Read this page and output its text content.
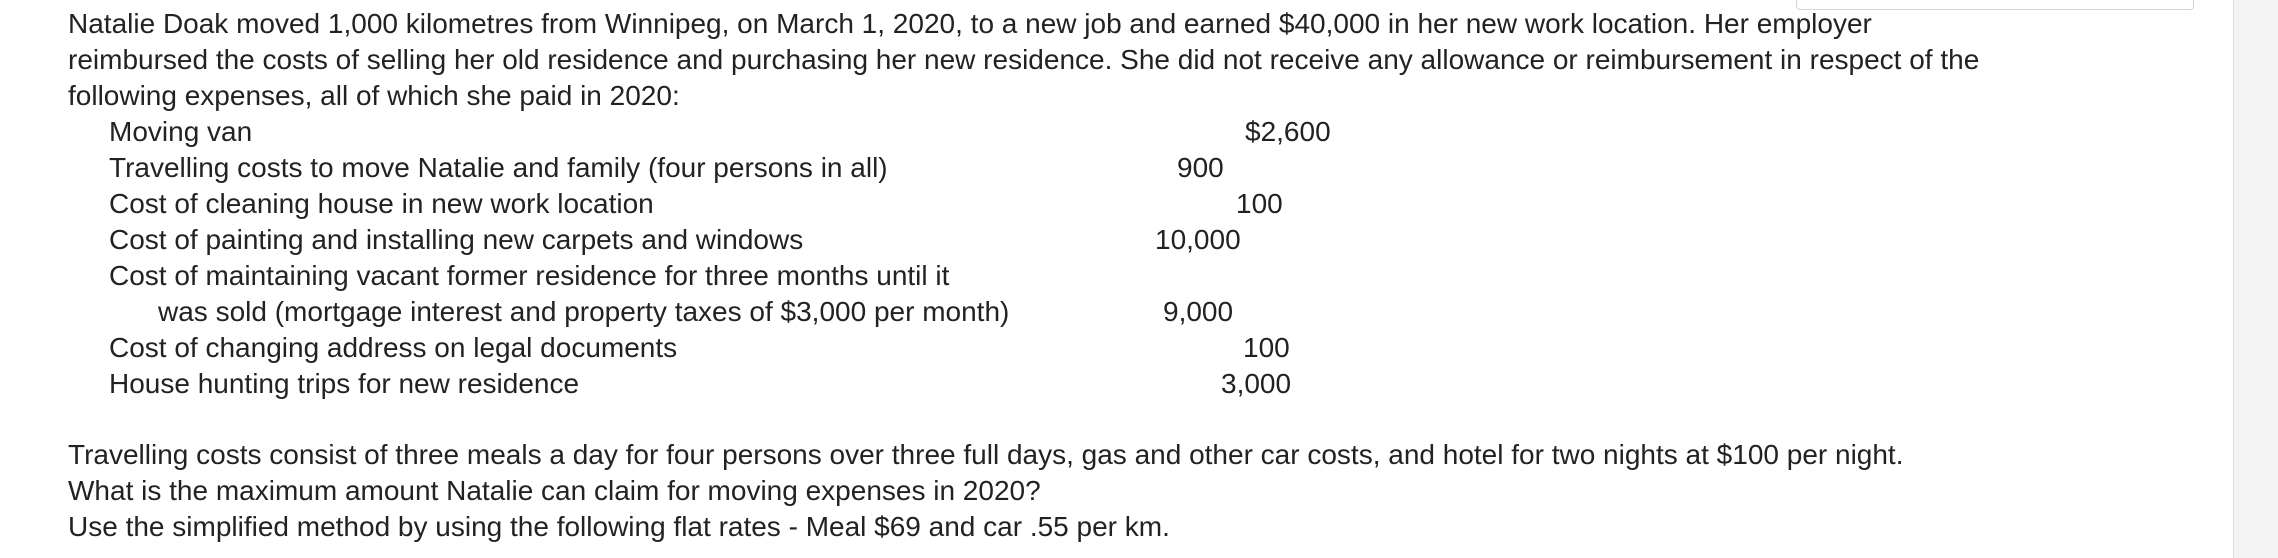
Natalie Doak moved 1,000 kilometres from Winnipeg, on March 1, 2020, to a new job and earned $40,000 in her new work location. Her employer
reimbursed the costs of selling her old residence and purchasing her new residence. She did not receive any allowance or reimbursement in respect of the
following expenses, all of which she paid in 2020:
Moving van	$2,600
Travelling costs to move Natalie and family (four persons in all)	900
Cost of cleaning house in new work location	100
Cost of painting and installing new carpets and windows	10,000
Cost of maintaining vacant former residence for three months until it
was sold (mortgage interest and property taxes of $3,000 per month)	9,000
Cost of changing address on legal documents	100
House hunting trips for new residence	3,000
Travelling costs consist of three meals a day for four persons over three full days, gas and other car costs, and hotel for two nights at $100 per night.
What is the maximum amount Natalie can claim for moving expenses in 2020?
Use the simplified method by using the following flat rates - Meal $69 and car .55 per km.
